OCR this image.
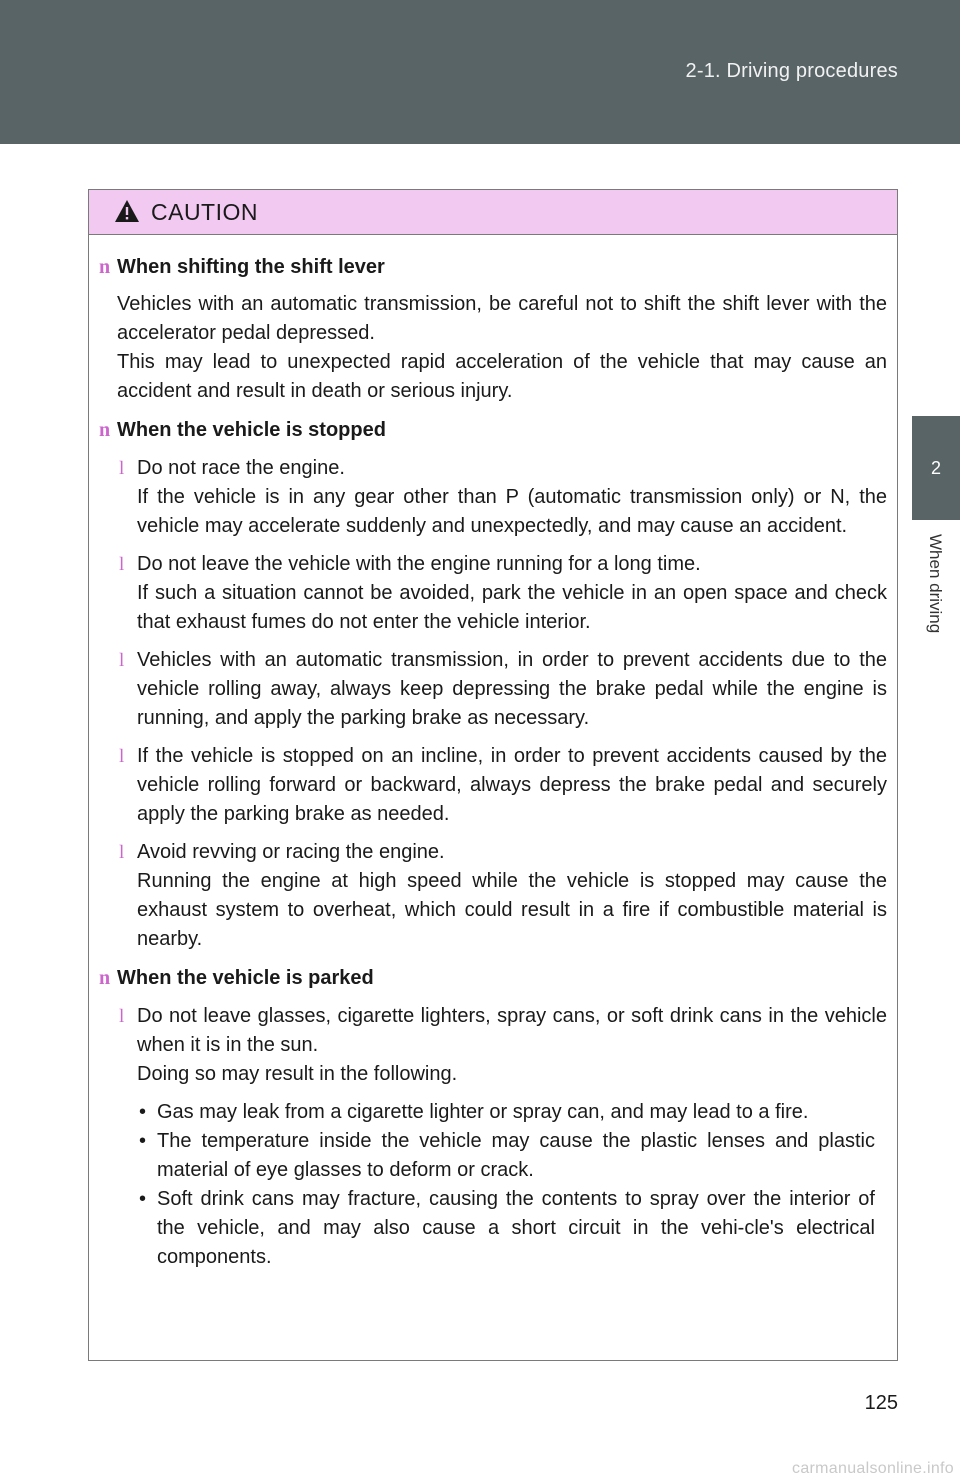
2-1. Driving procedures
2
When driving
CAUTION
n When shifting the shift lever
Vehicles with an automatic transmission, be careful not to shift the shift lever with the accelerator pedal depressed.
This may lead to unexpected rapid acceleration of the vehicle that may cause an accident and result in death or serious injury.
n When the vehicle is stopped
l Do not race the engine.

If the vehicle is in any gear other than P (automatic transmission only) or N, the vehicle may accelerate suddenly and unexpectedly, and may cause an accident.

l Do not leave the vehicle with the engine running for a long time.

If such a situation cannot be avoided, park the vehicle in an open space and check that exhaust fumes do not enter the vehicle interior.

l Vehicles with an automatic transmission, in order to prevent accidents due to the vehicle rolling away, always keep depressing the brake pedal while the engine is running, and apply the parking brake as necessary.

l If the vehicle is stopped on an incline, in order to prevent accidents caused by the vehicle rolling forward or backward, always depress the brake pedal and securely apply the parking brake as needed.

l Avoid revving or racing the engine.

Running the engine at high speed while the vehicle is stopped may cause the exhaust system to overheat, which could result in a fire if combustible material is nearby.

n When the vehicle is parked
l Do not leave glasses, cigarette lighters, spray cans, or soft drink cans in the vehicle when it is in the sun.

Doing so may result in the following.

• Gas may leak from a cigarette lighter or spray can, and may lead to a fire.
• The temperature inside the vehicle may cause the plastic lenses and plastic material of eye glasses to deform or crack.
• Soft drink cans may fracture, causing the contents to spray over the interior of the vehicle, and may also cause a short circuit in the vehi-cle's electrical components.
125
carmanualsonline.info
